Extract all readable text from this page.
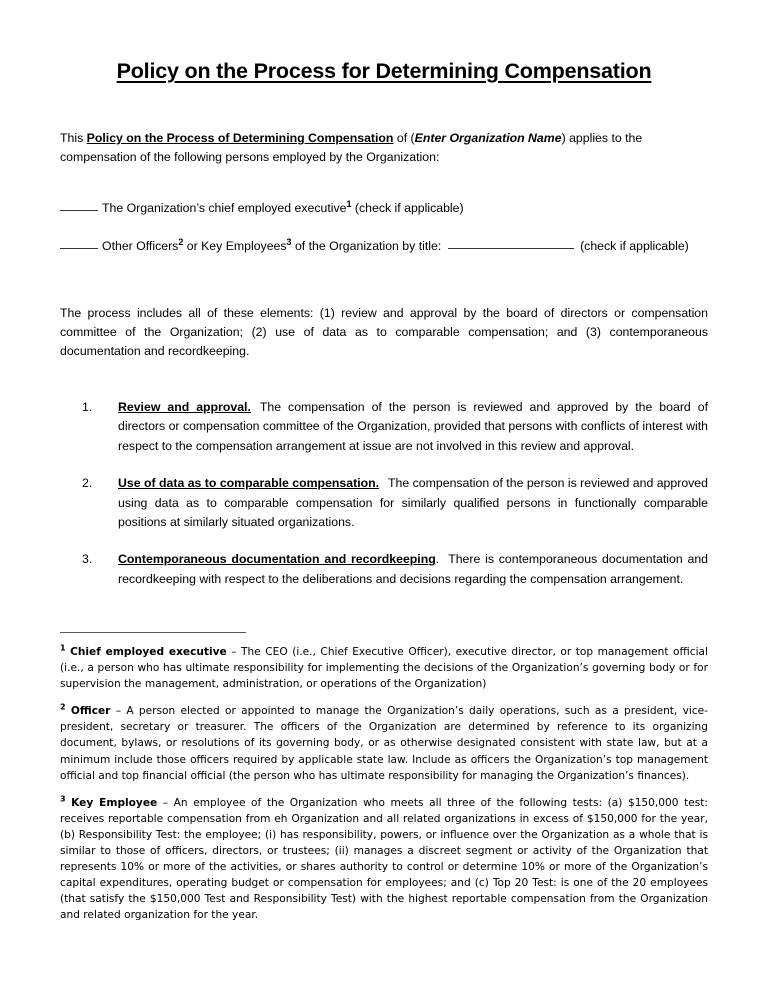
Policy on the Process for Determining Compensation

This Policy on the Process of Determining Compensation of (Enter Organization Name) applies to the compensation of the following persons employed by the Organization:

The Organization’s chief employed executive$^1$ (check if applicable)

Other Officers$^2$ or Key Employees$^3$ of the Organization by title:	(check if applicable)

The process includes all of these elements: (1) review and approval by the board of directors or compensation committee of the Organization; (2) use of data as to comparable compensation; and (3) contemporaneous documentation and recordkeeping.

1. Review and approval. The compensation of the person is reviewed and approved by the board of directors or compensation committee of the Organization, provided that persons with conflicts of interest with respect to the compensation arrangement at issue are not involved in this review and approval.
2. Use of data as to comparable compensation. The compensation of the person is reviewed and approved using data as to comparable compensation for similarly qualified persons in functionally comparable positions at similarly situated organizations.
3. Contemporaneous documentation and recordkeeping. There is contemporaneous documentation and recordkeeping with respect to the deliberations and decisions regarding the compensation arrangement.

$^1$ Chief employed executive – The CEO (i.e., Chief Executive Officer), executive director, or top management official (i.e., a person who has ultimate responsibility for implementing the decisions of the Organization’s governing body or for supervision the management, administration, or operations of the Organization)

$^2$ Officer – A person elected or appointed to manage the Organization’s daily operations, such as a president, vice-president, secretary or treasurer. The officers of the Organization are determined by reference to its organizing document, bylaws, or resolutions of its governing body, or as otherwise designated consistent with state law, but at a minimum include those officers required by applicable state law. Include as officers the Organization’s top management official and top financial official (the person who has ultimate responsibility for managing the Organization’s finances).

$^3$ Key Employee – An employee of the Organization who meets all three of the following tests: (a) $150,000 test: receives reportable compensation from eh Organization and all related organizations in excess of $150,000 for the year, (b) Responsibility Test: the employee; (i) has responsibility, powers, or influence over the Organization as a whole that is similar to those of officers, directors, or trustees; (ii) manages a discreet segment or activity of the Organization that represents 10% or more of the activities, or shares authority to control or determine 10% or more of the Organization’s capital expenditures, operating budget or compensation for employees; and (c) Top 20 Test: is one of the 20 employees (that satisfy the $150,000 Test and Responsibility Test) with the highest reportable compensation from the Organization and related organization for the year.
